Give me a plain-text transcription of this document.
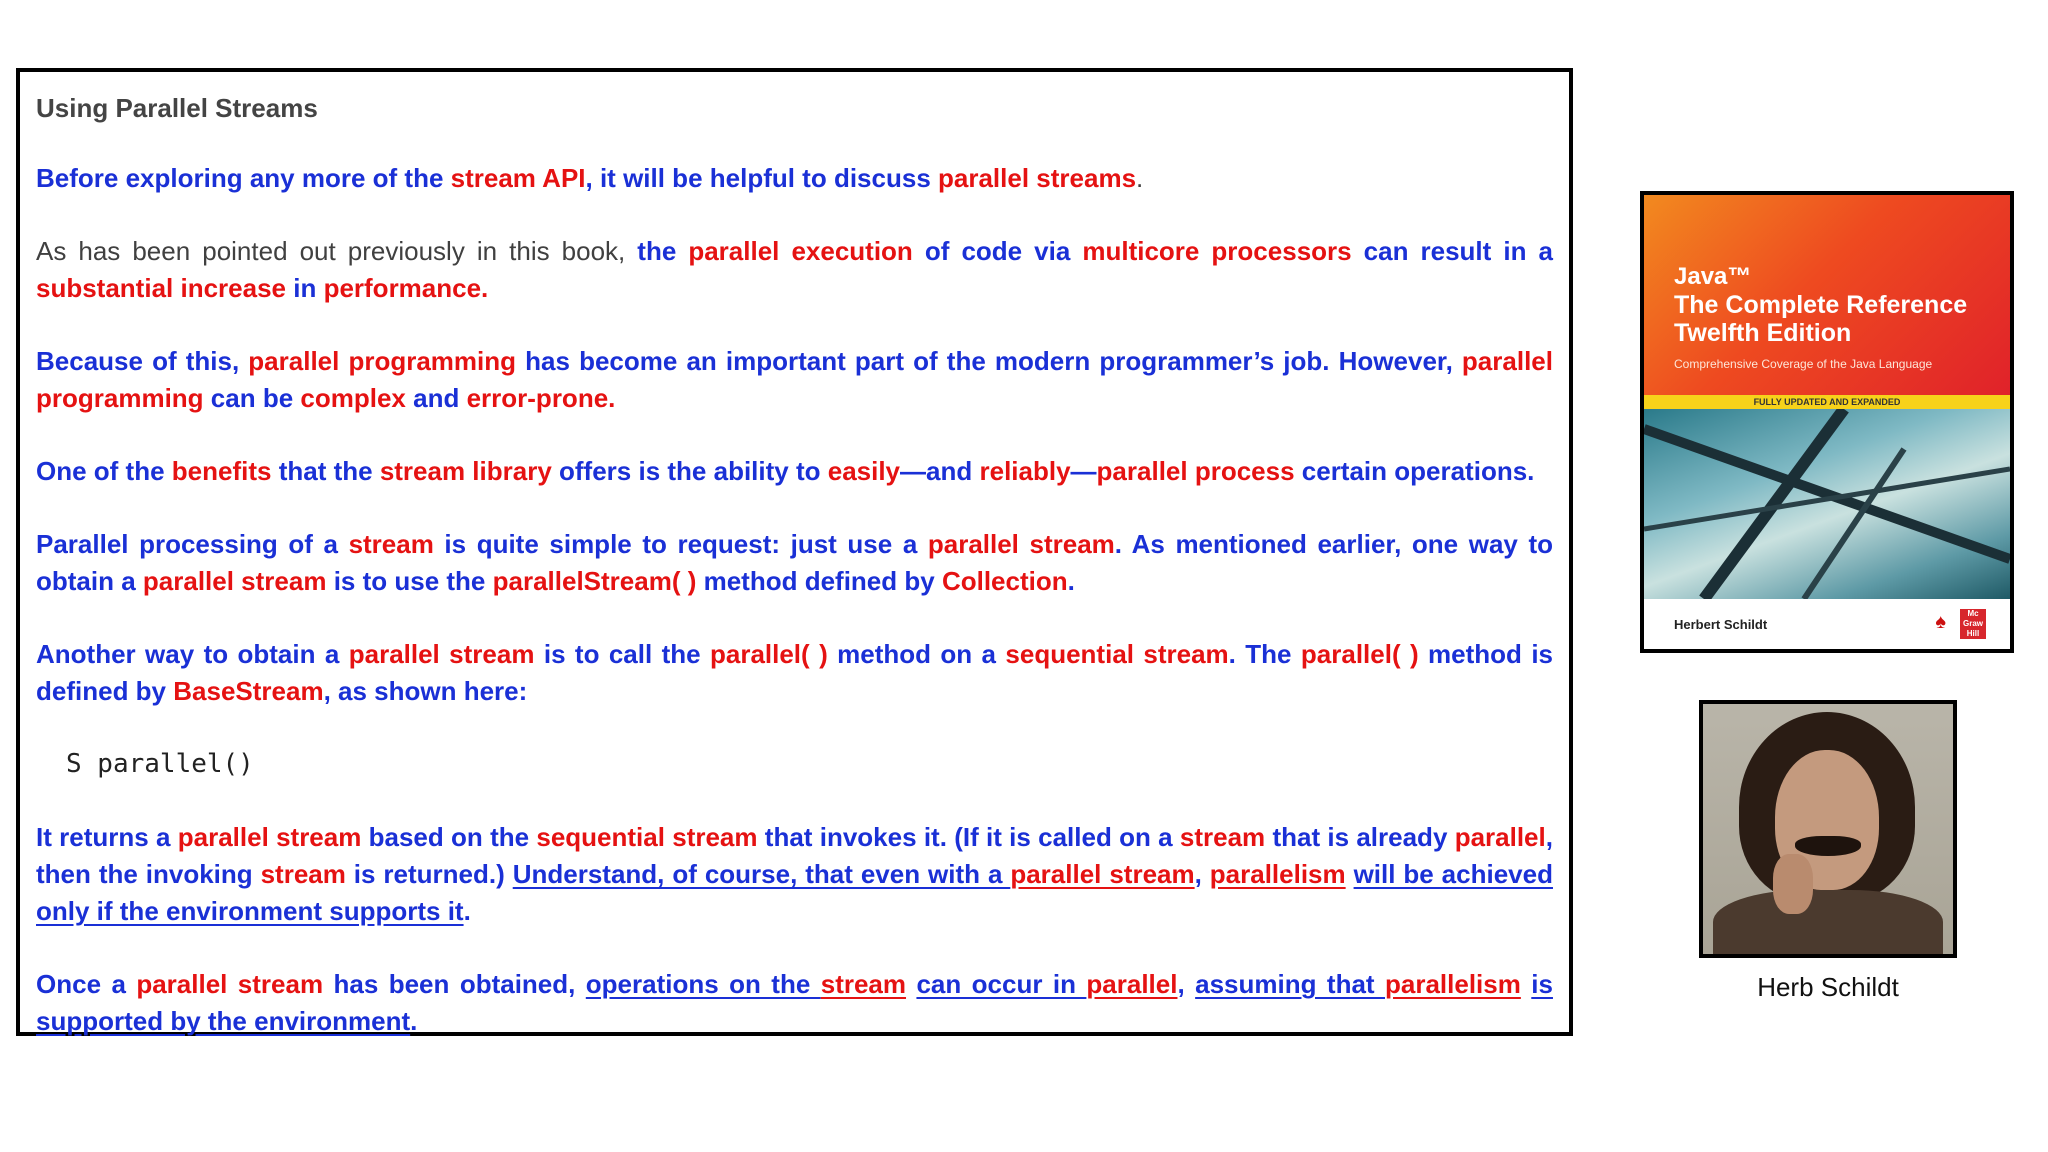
Using Parallel Streams

Before exploring any more of the stream API, it will be helpful to discuss parallel streams.

As has been pointed out previously in this book, the parallel execution of code via multicore processors can result in a substantial increase in performance.

Because of this, parallel programming has become an important part of the modern programmer’s job. However, parallel programming can be complex and error-prone.

One of the benefits that the stream library offers is the ability to easily—and reliably—parallel process certain operations.

Parallel processing of a stream is quite simple to request: just use a parallel stream. As mentioned earlier, one way to obtain a parallel stream is to use the parallelStream( ) method defined by Collection.

Another way to obtain a parallel stream is to call the parallel( ) method on a sequential stream. The parallel( ) method is defined by BaseStream, as shown here:

S parallel()

It returns a parallel stream based on the sequential stream that invokes it. (If it is called on a stream that is already parallel, then the invoking stream is returned.) Understand, of course, that even with a parallel stream, parallelism will be achieved only if the environment supports it.

Once a parallel stream has been obtained, operations on the stream can occur in parallel, assuming that parallelism is supported by the environment.

Java™
The Complete Reference
Twelfth Edition
Comprehensive Coverage of the Java Language
FULLY UPDATED AND EXPANDED
Herbert Schildt	♠	Mc Graw Hill
Herb Schildt
